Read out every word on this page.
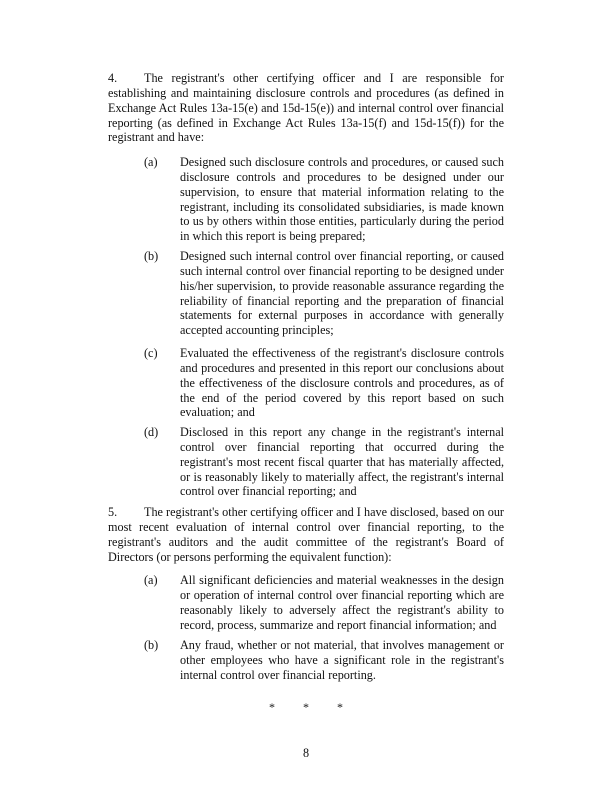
4. The registrant's other certifying officer and I are responsible for establishing and maintaining disclosure controls and procedures (as defined in Exchange Act Rules 13a-15(e) and 15d-15(e)) and internal control over financial reporting (as defined in Exchange Act Rules 13a-15(f) and 15d-15(f)) for the registrant and have:

(a)	Designed such disclosure controls and procedures, or caused such disclosure controls and procedures to be designed under our supervision, to ensure that material information relating to the registrant, including its consolidated subsidiaries, is made known to us by others within those entities, particularly during the period in which this report is being prepared;
(b)	Designed such internal control over financial reporting, or caused such internal control over financial reporting to be designed under his/her supervision, to provide reasonable assurance regarding the reliability of financial reporting and the preparation of financial statements for external purposes in accordance with generally accepted accounting principles;
(c)	Evaluated the effectiveness of the registrant's disclosure controls and procedures and presented in this report our conclusions about the effectiveness of the disclosure controls and procedures, as of the end of the period covered by this report based on such evaluation; and
(d)	Disclosed in this report any change in the registrant's internal control over financial reporting that occurred during the registrant's most recent fiscal quarter that has materially affected, or is reasonably likely to materially affect, the registrant's internal control over financial reporting; and

5. The registrant's other certifying officer and I have disclosed, based on our most recent evaluation of internal control over financial reporting, to the registrant's auditors and the audit committee of the registrant's Board of Directors (or persons performing the equivalent function):

(a)	All significant deficiencies and material weaknesses in the design or operation of internal control over financial reporting which are reasonably likely to adversely affect the registrant's ability to record, process, summarize and report financial information; and
(b)	Any fraud, whether or not material, that involves management or other employees who have a significant role in the registrant's internal control over financial reporting.
* * *
8
